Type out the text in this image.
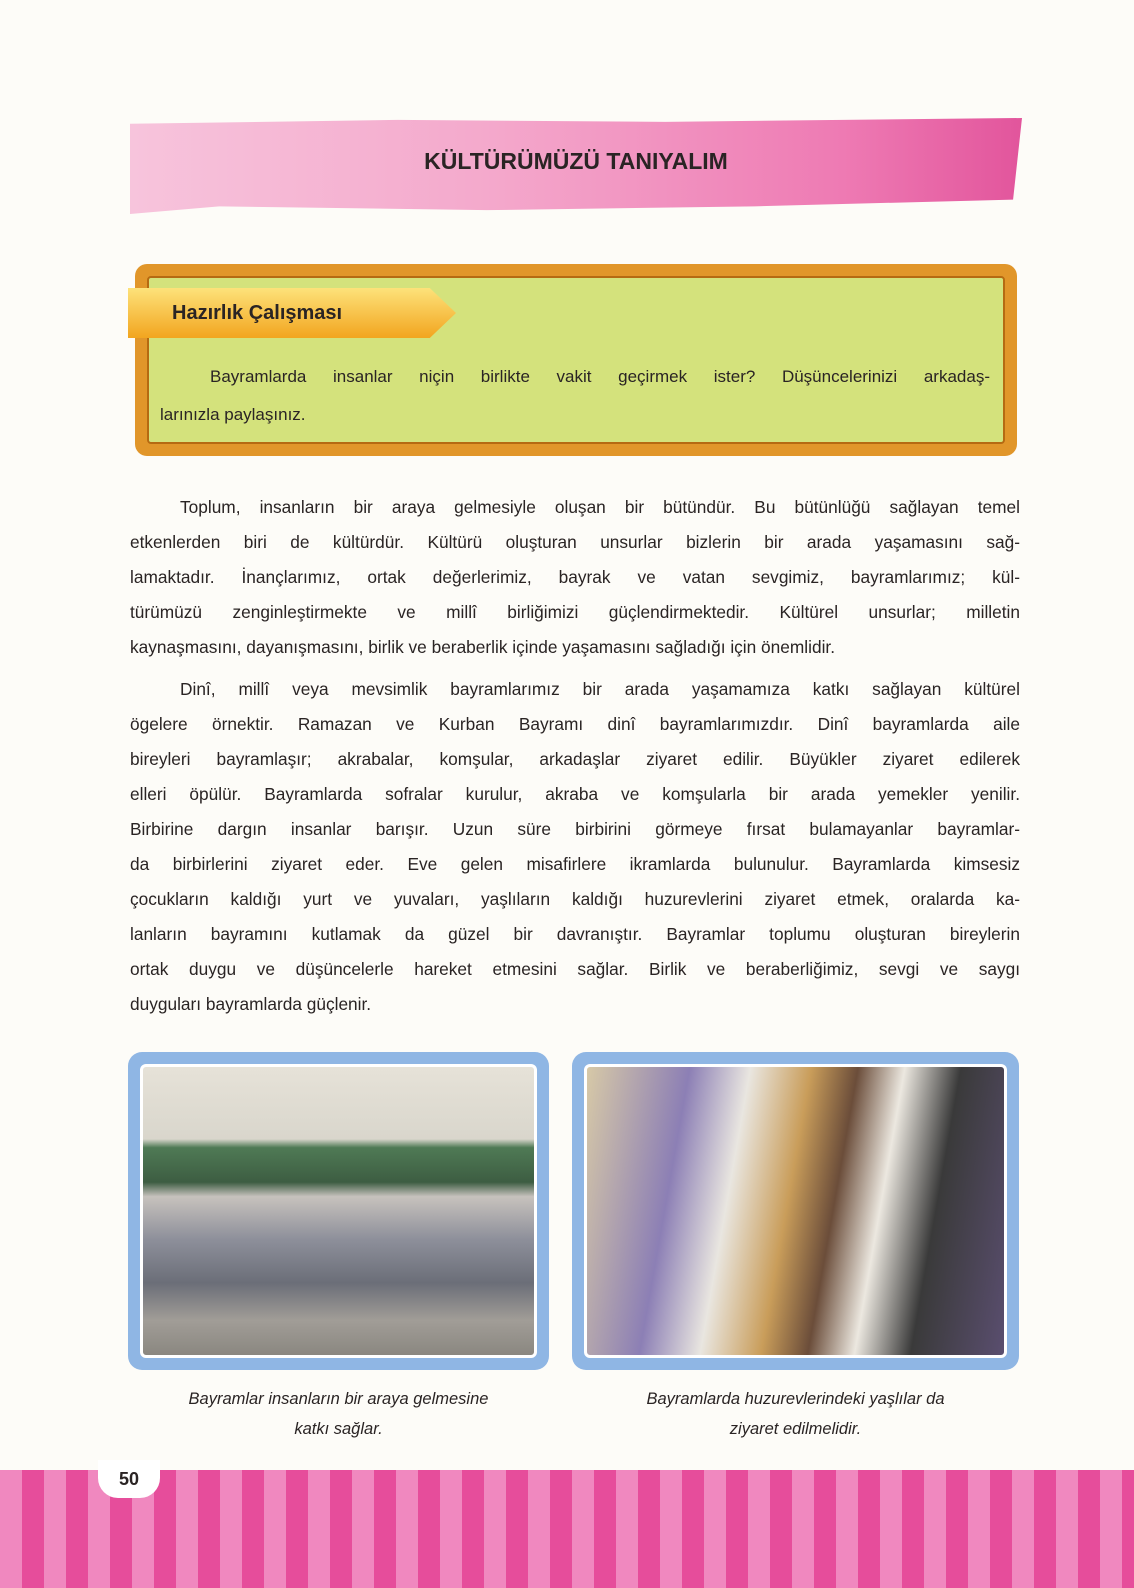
KÜLTÜRÜMÜZÜ TANIYALIM
Hazırlık Çalışması
Bayramlarda insanlar niçin birlikte vakit geçirmek ister? Düşüncelerinizi arkadaş-
larınızla paylaşınız.
Toplum, insanların bir araya gelmesiyle oluşan bir bütündür. Bu bütünlüğü sağlayan temel
etkenlerden biri de kültürdür. Kültürü oluşturan unsurlar bizlerin bir arada yaşamasını sağ-
lamaktadır. İnançlarımız, ortak değerlerimiz, bayrak ve vatan sevgimiz, bayramlarımız; kül-
türümüzü zenginleştirmekte ve millî birliğimizi güçlendirmektedir. Kültürel unsurlar; milletin
kaynaşmasını, dayanışmasını, birlik ve beraberlik içinde yaşamasını sağladığı için önemlidir.
Dinî, millî veya mevsimlik bayramlarımız bir arada yaşamamıza katkı sağlayan kültürel
ögelere örnektir. Ramazan ve Kurban Bayramı dinî bayramlarımızdır. Dinî bayramlarda aile
bireyleri bayramlaşır; akrabalar, komşular, arkadaşlar ziyaret edilir. Büyükler ziyaret edilerek
elleri öpülür. Bayramlarda sofralar kurulur, akraba ve komşularla bir arada yemekler yenilir.
Birbirine dargın insanlar barışır. Uzun süre birbirini görmeye fırsat bulamayanlar bayramlar-
da birbirlerini ziyaret eder. Eve gelen misafirlere ikramlarda bulunulur. Bayramlarda kimsesiz
çocukların kaldığı yurt ve yuvaları, yaşlıların kaldığı huzurevlerini ziyaret etmek, oralarda ka-
lanların bayramını kutlamak da güzel bir davranıştır. Bayramlar toplumu oluşturan bireylerin
ortak duygu ve düşüncelerle hareket etmesini sağlar. Birlik ve beraberliğimiz, sevgi ve saygı
duyguları bayramlarda güçlenir.
Bayramlar insanların bir araya gelmesine
katkı sağlar.
Bayramlarda huzurevlerindeki yaşlılar da
ziyaret edilmelidir.
50
